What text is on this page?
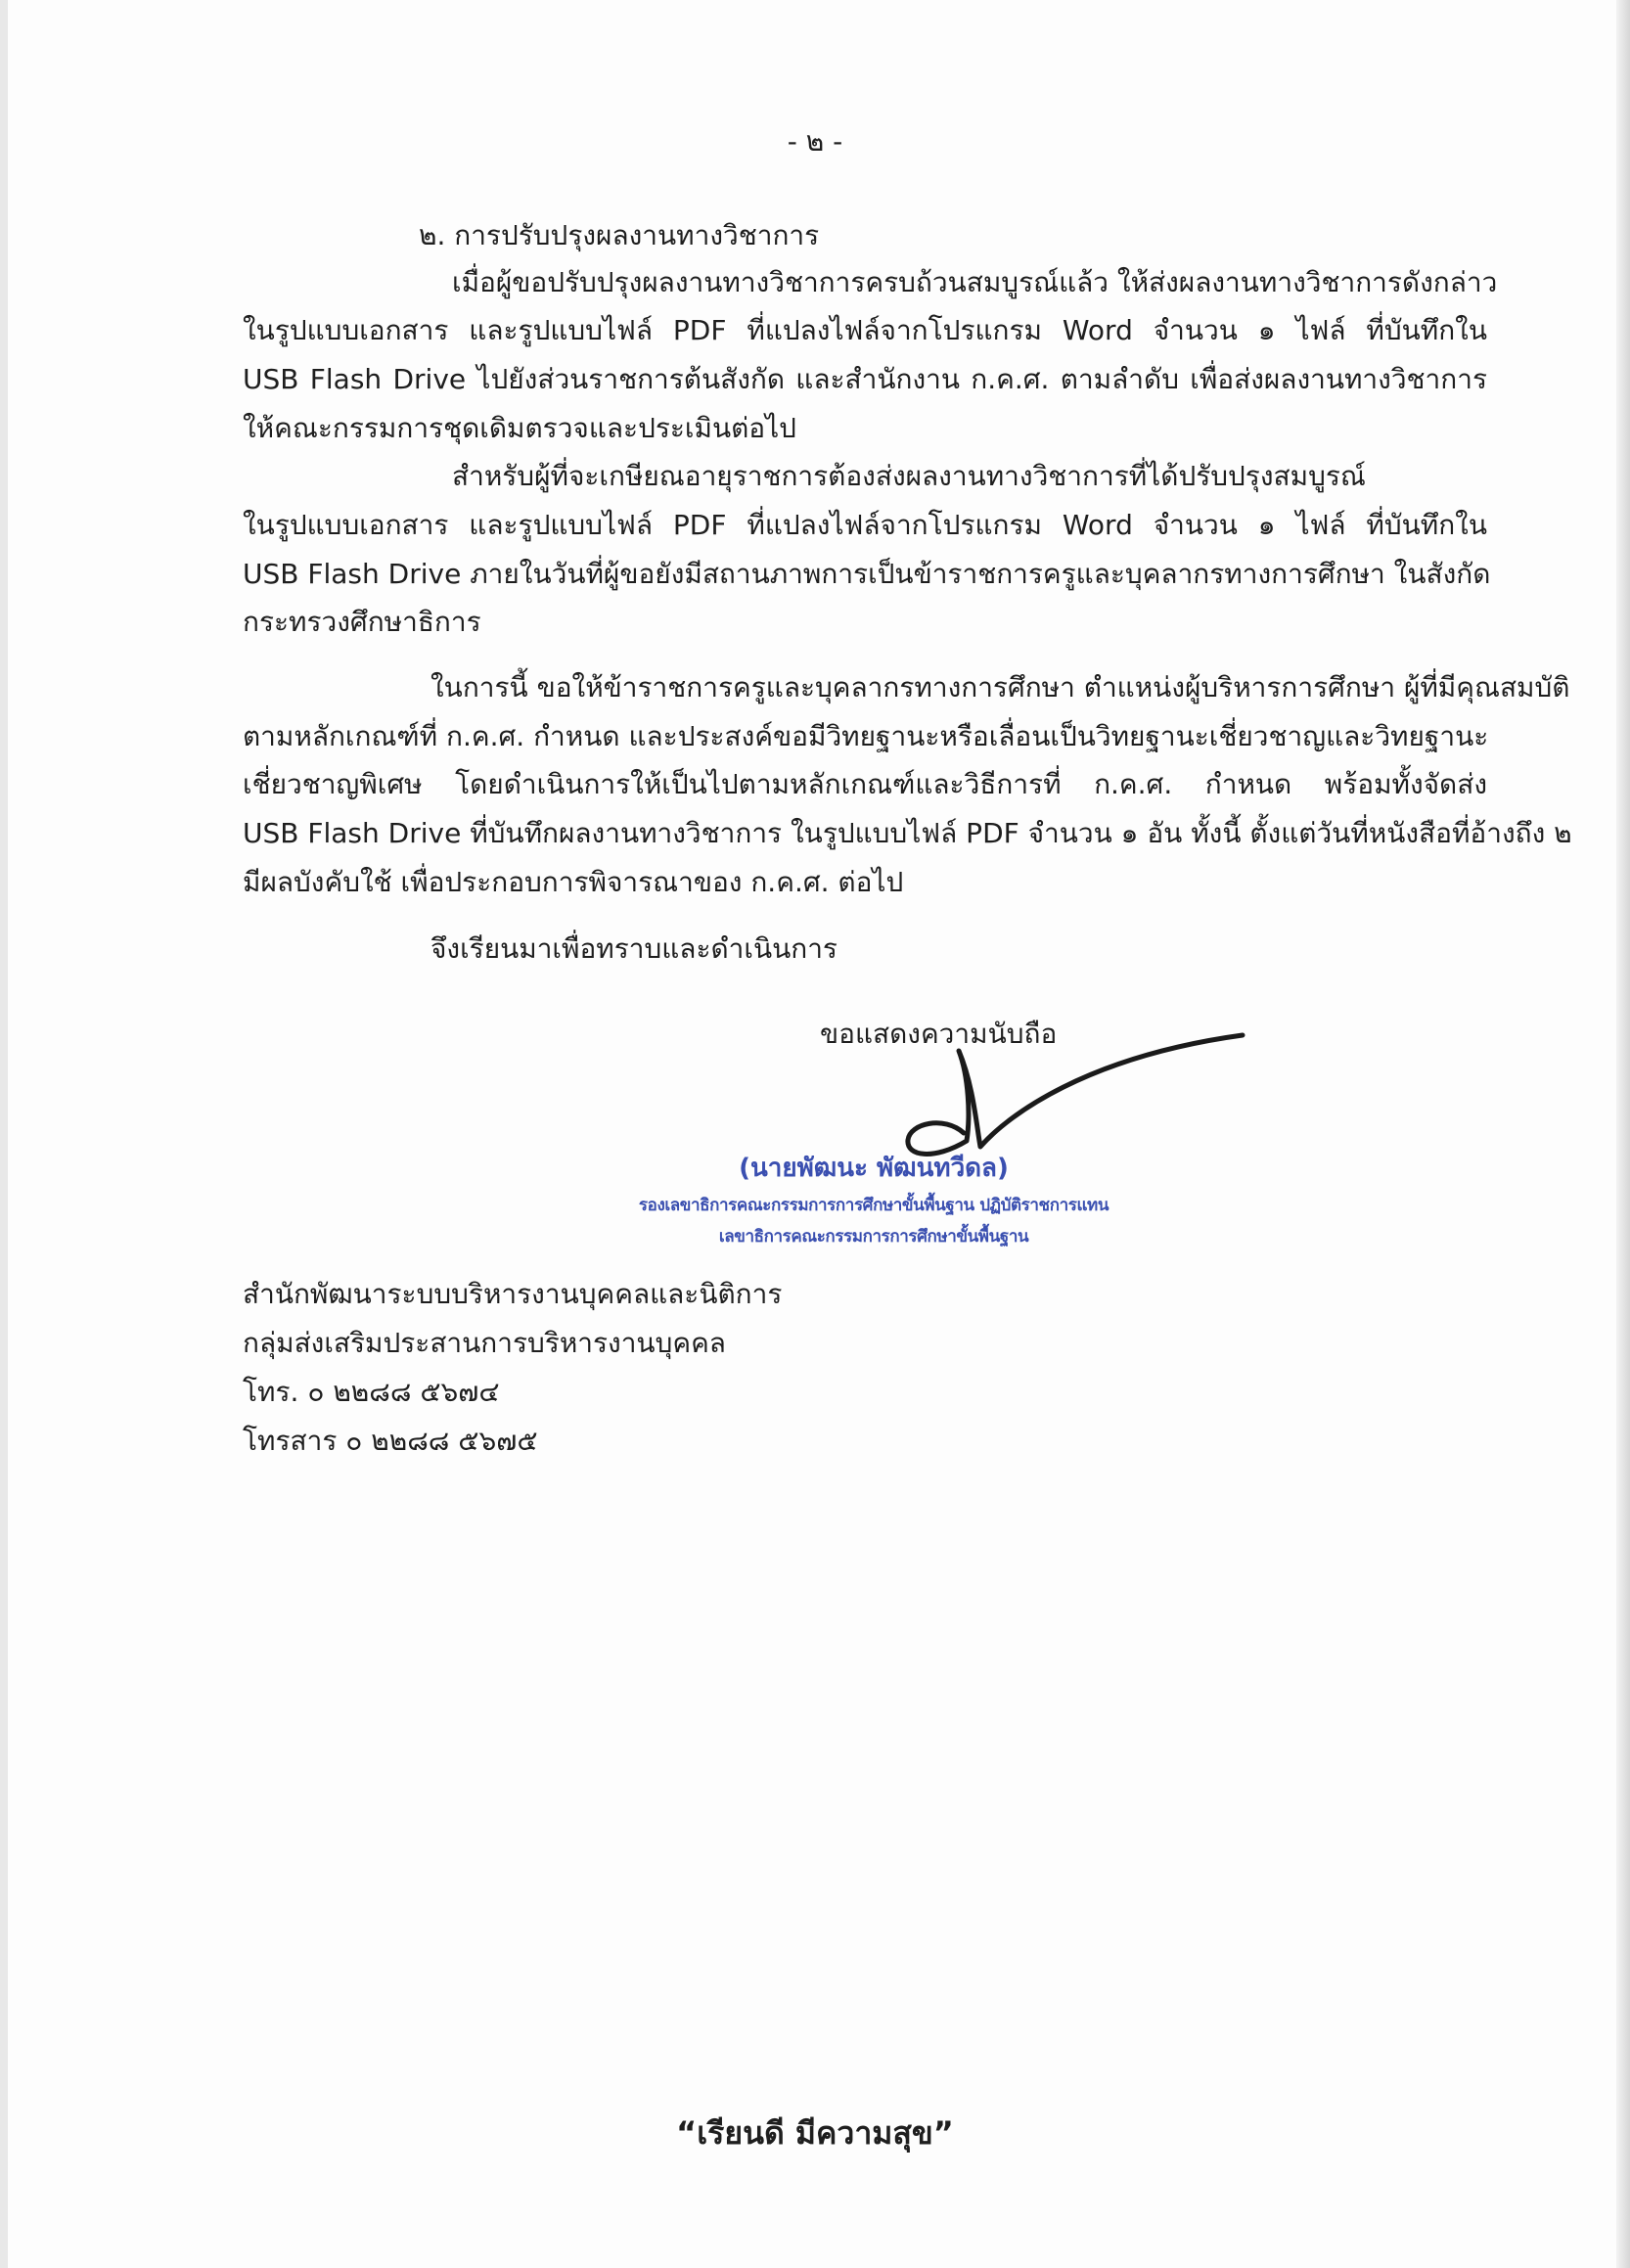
- ๒ -
๒. การปรับปรุงผลงานทางวิชาการ
เมื่อผู้ขอปรับปรุงผลงานทางวิชาการครบถ้วนสมบูรณ์แล้ว ให้ส่งผลงานทางวิชาการดังกล่าว
ในรูปแบบเอกสาร และรูปแบบไฟล์ PDF ที่แปลงไฟล์จากโปรแกรม Word จำนวน ๑ ไฟล์ ที่บันทึกใน
USB Flash Drive ไปยังส่วนราชการต้นสังกัด และสำนักงาน ก.ค.ศ. ตามลำดับ เพื่อส่งผลงานทางวิชาการ
ให้คณะกรรมการชุดเดิมตรวจและประเมินต่อไป
สำหรับผู้ที่จะเกษียณอายุราชการต้องส่งผลงานทางวิชาการที่ได้ปรับปรุงสมบูรณ์
ในรูปแบบเอกสาร และรูปแบบไฟล์ PDF ที่แปลงไฟล์จากโปรแกรม Word จำนวน ๑ ไฟล์ ที่บันทึกใน
USB Flash Drive ภายในวันที่ผู้ขอยังมีสถานภาพการเป็นข้าราชการครูและบุคลากรทางการศึกษา ในสังกัด
กระทรวงศึกษาธิการ
ในการนี้ ขอให้ข้าราชการครูและบุคลากรทางการศึกษา ตำแหน่งผู้บริหารการศึกษา ผู้ที่มีคุณสมบัติ
ตามหลักเกณฑ์ที่ ก.ค.ศ. กำหนด และประสงค์ขอมีวิทยฐานะหรือเลื่อนเป็นวิทยฐานะเชี่ยวชาญและวิทยฐานะ
เชี่ยวชาญพิเศษ โดยดำเนินการให้เป็นไปตามหลักเกณฑ์และวิธีการที่ ก.ค.ศ. กำหนด พร้อมทั้งจัดส่ง
USB Flash Drive ที่บันทึกผลงานทางวิชาการ ในรูปแบบไฟล์ PDF จำนวน ๑ อัน ทั้งนี้ ตั้งแต่วันที่หนังสือที่อ้างถึง ๒
มีผลบังคับใช้ เพื่อประกอบการพิจารณาของ ก.ค.ศ. ต่อไป
จึงเรียนมาเพื่อทราบและดำเนินการ
ขอแสดงความนับถือ
(นายพัฒนะ พัฒนทวีดล)
รองเลขาธิการคณะกรรมการการศึกษาขั้นพื้นฐาน ปฏิบัติราชการแทน
เลขาธิการคณะกรรมการการศึกษาขั้นพื้นฐาน
สำนักพัฒนาระบบบริหารงานบุคคลและนิติการ
กลุ่มส่งเสริมประสานการบริหารงานบุคคล
โทร. ๐ ๒๒๘๘ ๕๖๗๔
โทรสาร ๐ ๒๒๘๘ ๕๖๗๕
“เรียนดี มีความสุข”
